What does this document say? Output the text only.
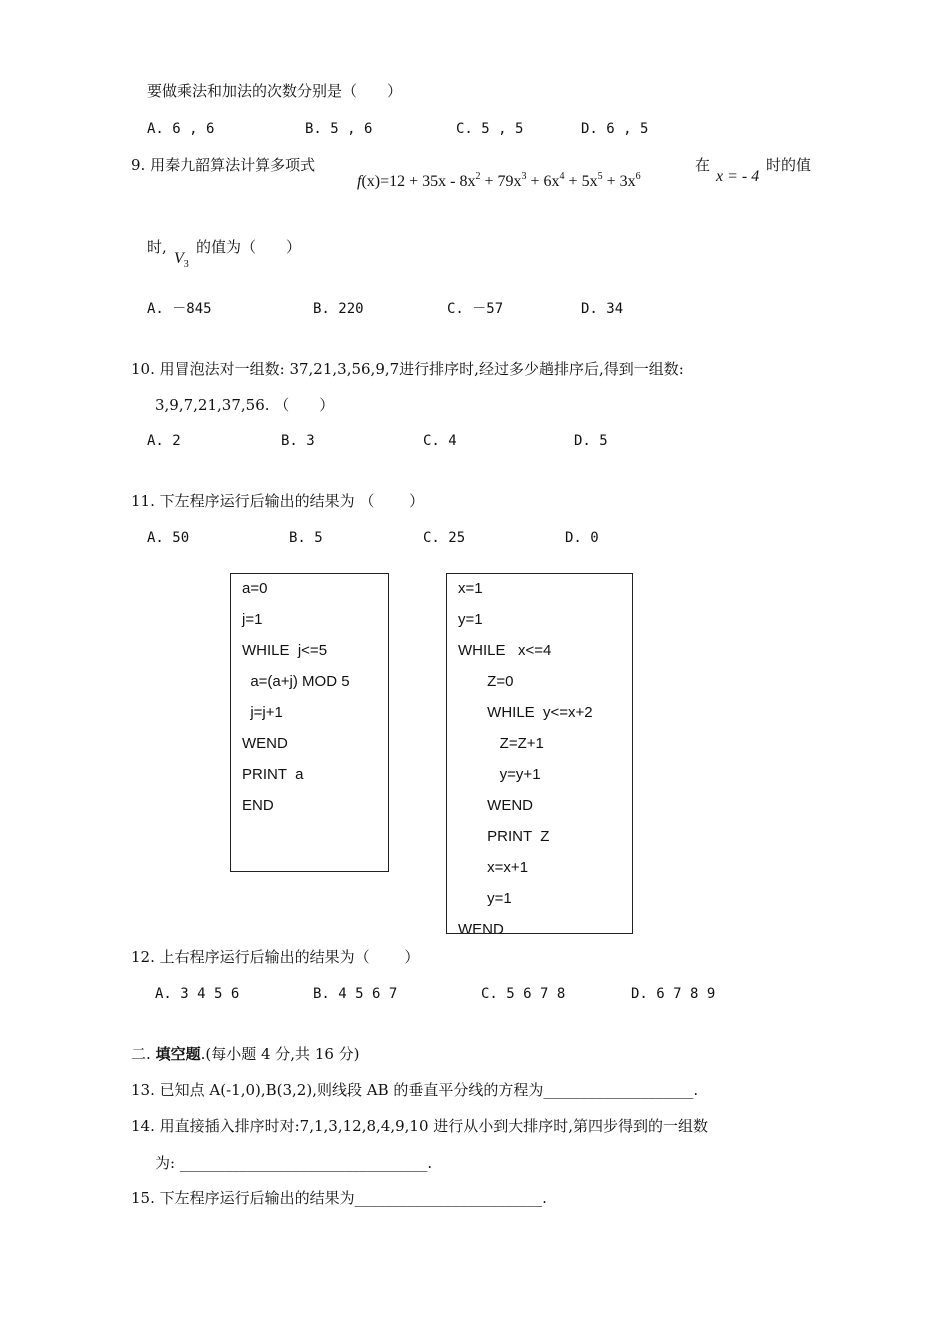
要做乘法和加法的次数分别是（　　）
A. 6 , 6	B. 5 , 6	C. 5 , 5	D. 6 , 5
9. 用秦九韶算法计算多项式
$f(x)=12 + 35x - 8x^2 + 79x^3 + 6x^4 + 5x^5 + 3x^6$
在
x = - 4
时的值
时,
$V_3$
的值为（　　）
A. －845	B. 220	C. －57	D. 34
10. 用冒泡法对一组数: 37,21,3,56,9,7进行排序时,经过多少趟排序后,得到一组数:
3,9,7,21,37,56. （　　）
A. 2	B. 3	C. 4	D. 5
11. 下左程序运行后输出的结果为 （　　 ）
A. 50	B. 5	C. 25	D. 0
a=0
j=1
WHILE  j<=5
a=(a+j) MOD 5
j=j+1
WEND
PRINT  a
END
x=1
y=1
WHILE   x<=4
Z=0
WHILE  y<=x+2
Z=Z+1
y=y+1
WEND
PRINT  Z
x=x+1
y=1
WEND
12. 上右程序运行后输出的结果为（　　 ）
A. 3 4 5 6	B. 4 5 6 7	C. 5 6 7 8	D. 6 7 8 9
二. 填空题.(每小题 4 分,共 16 分)
13. 已知点 A(-1,0),B(3,2),则线段 AB 的垂直平分线的方程为____________________.
14. 用直接插入排序时对:7,1,3,12,8,4,9,10 进行从小到大排序时,第四步得到的一组数
为: _________________________________.
15. 下左程序运行后输出的结果为_________________________.
